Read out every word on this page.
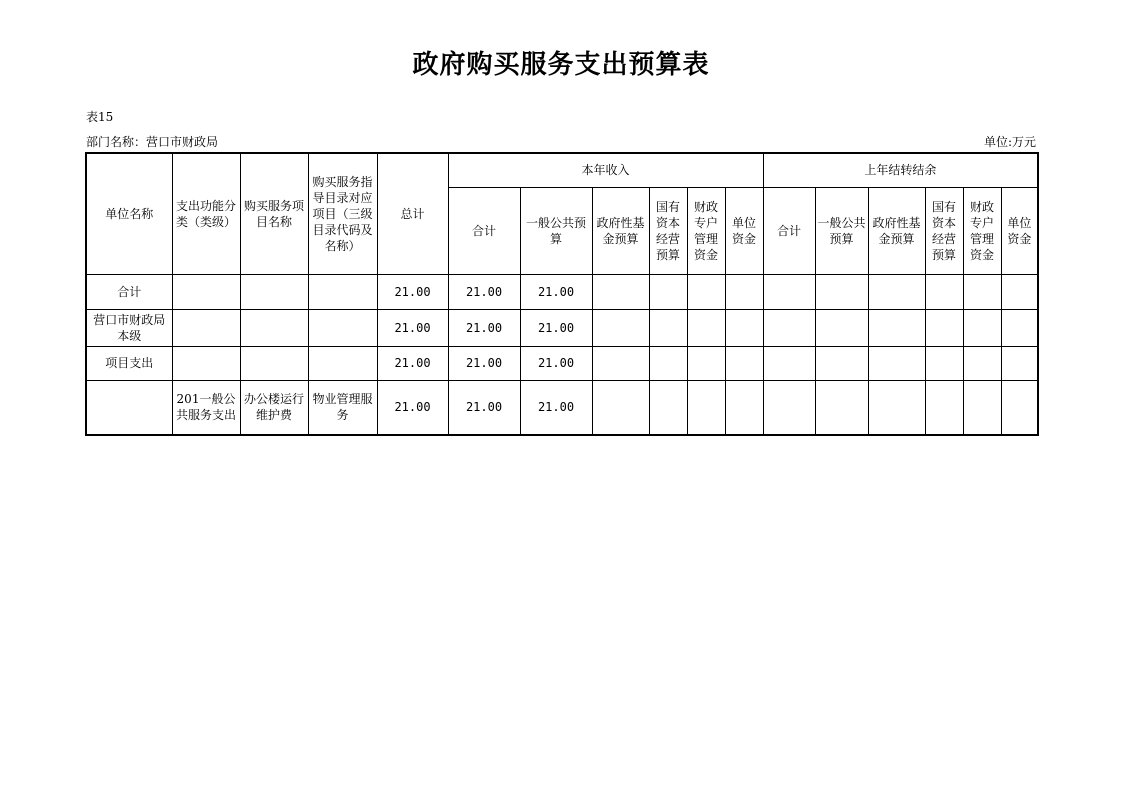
政府购买服务支出预算表
表15
部门名称：营口市财政局	单位:万元
单位名称	支出功能分类（类级）	购买服务项目名称	购买服务指导目录对应项目（三级目录代码及名称）	总计	本年收入						上年结转结余					
					合计	一般公共预算	政府性基金预算	国有资本经营预算	财政专户管理资金	单位资金	合计	一般公共预算	政府性基金预算	国有资本经营预算	财政专户管理资金	单位资金
合计				21.00	21.00	21.00										
营口市财政局本级				21.00	21.00	21.00										
项目支出				21.00	21.00	21.00										
	201一般公共服务支出	办公楼运行维护费	物业管理服务	21.00	21.00	21.00										
